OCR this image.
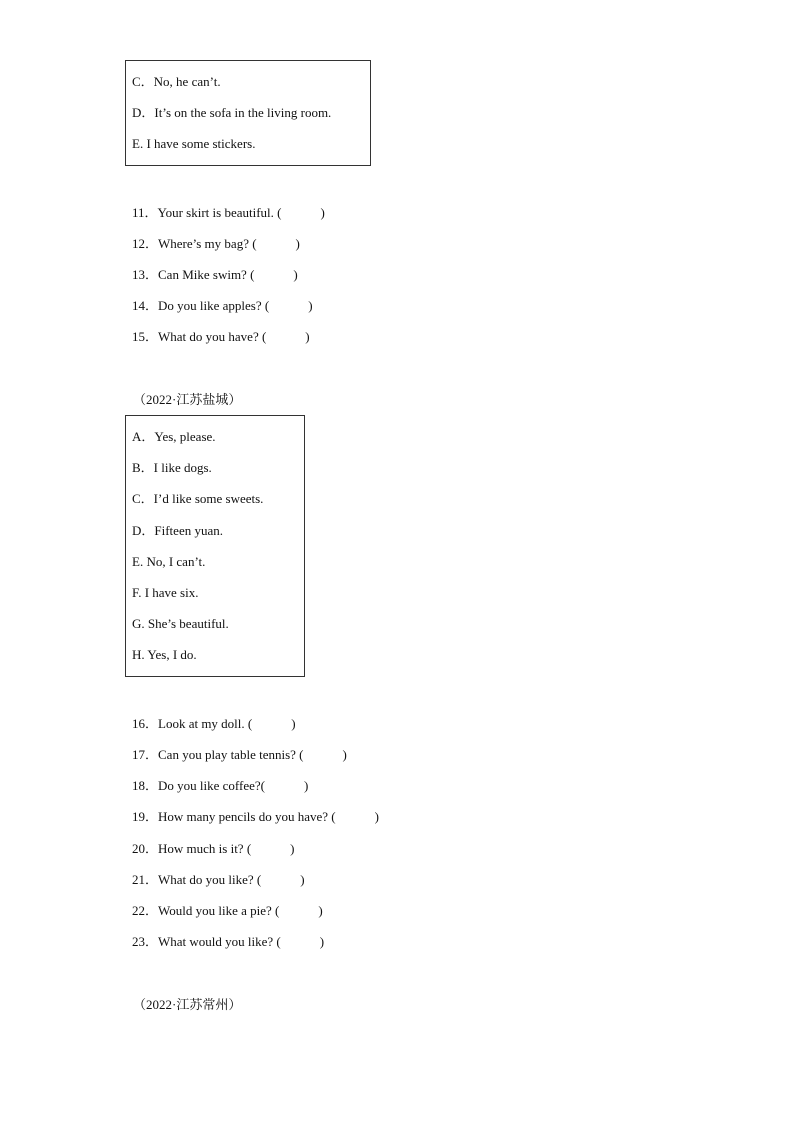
C．No, he can’t.
D．It’s on the sofa in the living room.
E. I have some stickers.
11．Your skirt is beautiful. (　　　)
12．Where’s my bag? (　　　)
13．Can Mike swim? (　　　)
14．Do you like apples? (　　　)
15．What do you have? (　　　)
（2022·江苏盐城）
A．Yes, please.
B．I like dogs.
C．I’d like some sweets.
D．Fifteen yuan.
E. No, I can’t.
F. I have six.
G. She’s beautiful.
H. Yes, I do.
16．Look at my doll. (　　　)
17．Can you play table tennis? (　　　)
18．Do you like coffee?(　　　)
19．How many pencils do you have? (　　　)
20．How much is it? (　　　)
21．What do you like? (　　　)
22．Would you like a pie? (　　　)
23．What would you like? (　　　)
（2022·江苏常州）
